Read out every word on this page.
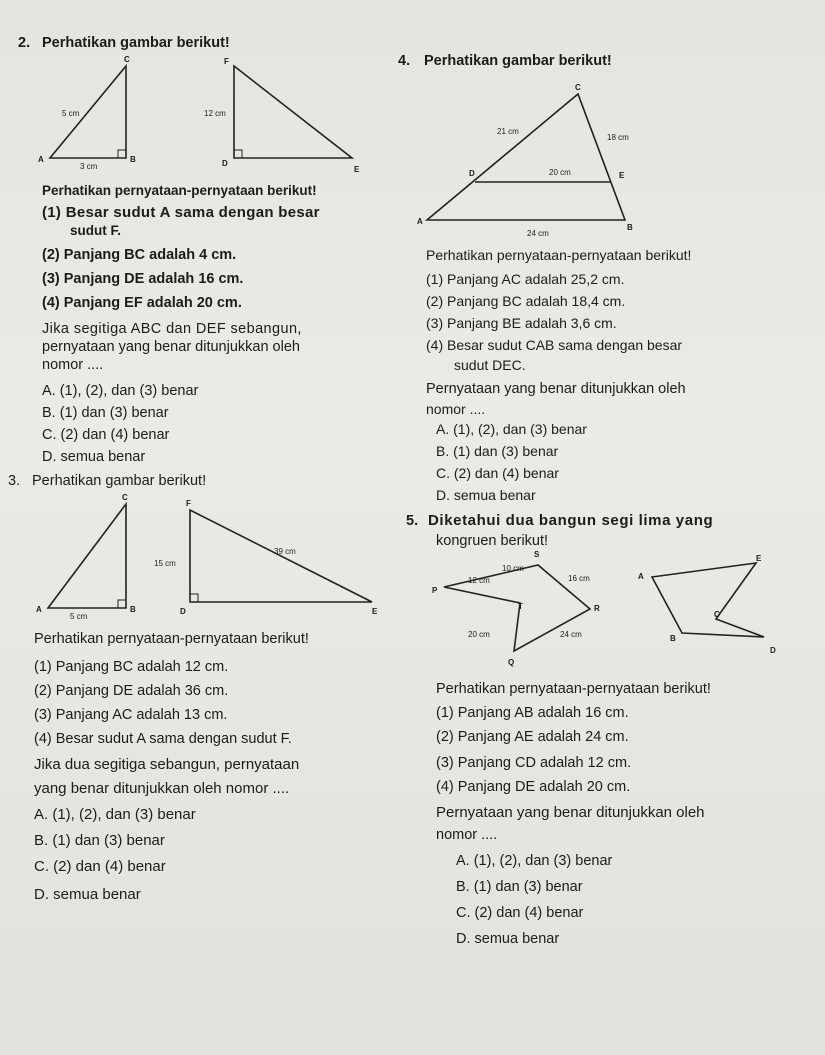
2. Perhatikan gambar berikut!
C
A	B
5 cm
3 cm
F
D
E
12 cm
Perhatikan pernyataan-pernyataan berikut!
(1) Besar sudut A sama dengan besar
sudut F.
(2) Panjang BC adalah 4 cm.
(3) Panjang DE adalah 16 cm.
(4) Panjang EF adalah 20 cm.
Jika segitiga ABC dan DEF sebangun,
pernyataan yang benar ditunjukkan oleh
nomor ....
A. (1), (2), dan (3) benar
B. (1) dan (3) benar
C. (2) dan (4) benar
D. semua benar
3. Perhatikan gambar berikut!
C
A	B
5 cm
F
D	E
15 cm
39 cm
Perhatikan pernyataan-pernyataan berikut!
(1) Panjang BC adalah 12 cm.
(2) Panjang DE adalah 36 cm.
(3) Panjang AC adalah 13 cm.
(4) Besar sudut A sama dengan sudut F.
Jika dua segitiga sebangun, pernyataan
yang benar ditunjukkan oleh nomor ....
A. (1), (2), dan (3) benar
B. (1) dan (3) benar
C. (2) dan (4) benar
D. semua benar
4. Perhatikan gambar berikut!
C
D	E
A
B
21 cm
18 cm
20 cm
24 cm
Perhatikan pernyataan-pernyataan berikut!
(1) Panjang AC adalah 25,2 cm.
(2) Panjang BC adalah 18,4 cm.
(3) Panjang BE adalah 3,6 cm.
(4) Besar sudut CAB sama dengan besar
sudut DEC.
Pernyataan yang benar ditunjukkan oleh
nomor ....
A. (1), (2), dan (3) benar
B. (1) dan (3) benar
C. (2) dan (4) benar
D. semua benar
5. Diketahui dua bangun segi lima yang
kongruen berikut!
S
P
T	R
Q
12 cm
10 cm
16 cm
20 cm	24 cm
A
E
C
B
D
Perhatikan pernyataan-pernyataan berikut!
(1) Panjang AB adalah 16 cm.
(2) Panjang AE adalah 24 cm.
(3) Panjang CD adalah 12 cm.
(4) Panjang DE adalah 20 cm.
Pernyataan yang benar ditunjukkan oleh
nomor ....
A. (1), (2), dan (3) benar
B. (1) dan (3) benar
C. (2) dan (4) benar
D. semua benar
